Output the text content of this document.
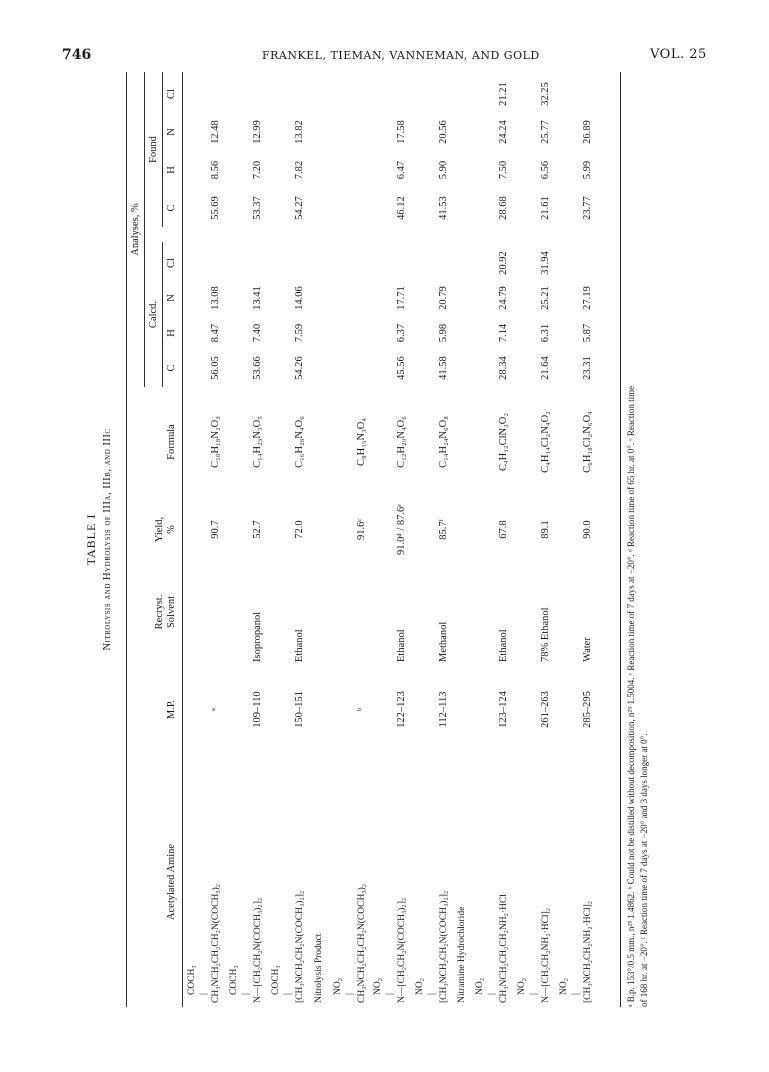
746	FRANKEL, TIEMAN, VANNEMAN, AND GOLD	VOL. 25
TABLE I Nitrolysis and Hydrolysis of IIIa, IIIb, and IIIc
Acetylated Amine
M.P.
Recryst. Solvent
Yield, %
Formula
Analyses, %
Calcd.
Found
ᵃ B.p. 153°/0.5 mm., n²⁵ 1.4862. ᵇ Could not be distilled without decomposition, n²⁵ 1.5004. ᶜ Reaction time of 7 days at −20°. ᵈ Reaction time of 65 hr. at 0°. ᵉ Reaction time of 168 hr. at −20°. ᶠ Reaction time of 7 days at −20° and 3 days longer at 0°.
C
H
N
Cl
C
H
N
Cl
COCH₃ | CH₃NCH₂CH₂CH₂N(COCH₃)₂
ᵃ
90.7
C₁₀H₁₈N₂O₃
56.05
55.69
8.47
8.56
13.08
12.48
COCH₃ | N—[CH₂CH₂N(COCH₃)₂]₂
109–110
Isopropanol
52.7
C₁₄H₂₃N₃O₅
53.66
53.37
7.40
7.20
13.41
12.99
COCH₃ | [CH₃NCH₂CH₂N(COCH₃)₂]₂
150–151
Ethanol
72.0
C₁₆H₂₈N₄O₆
54.26
54.27
7.59
7.82
14.06
13.82
Nitrolysis Product NO₂ | CH₃NCH₂CH₂CH₂N(COCH₃)₂
ᵇ
91.6ᶜ
C₈H₁₅N₃O₄
NO₂ | N—[CH₂CH₂N(COCH₃)₂]₂
122–123
Ethanol
91.0ᵈ / 87.6ᵉ
C₁₂H₂₀N₄O₆
45.56
46.12
6.37
6.47
17.71
17.58
NO₂ | [CH₃NCH₂CH₂N(COCH₃)₂]₂
112–113
Methanol
85.7ᶠ
C₁₄H₂₄N₆O₈
41.58
41.53
5.98
5.90
20.79
20.56
Nitramine Hydrochloride NO₂ | CH₃NCH₂CH₂CH₂NH₂·HCl
123–124
Ethanol
67.8
C₄H₁₂ClN₃O₂
28.34
28.68
7.14
7.50
24.79
24.24
20.92
21.21
NO₂ | N—[CH₂CH₂NH₂·HCl]₂
261–263
78% Ethanol
89.1
C₄H₁₄Cl₂N₄O₂
21.64
21.61
6.31
6.56
25.21
25.77
31.94
32.25
NO₂ | [CH₃NCH₂CH₂NH₂·HCl]₂
285–295
Water
90.0
C₆H₁₈Cl₂N₆O₄
23.31
23.77
5.87
5.99
27.19
26.89
